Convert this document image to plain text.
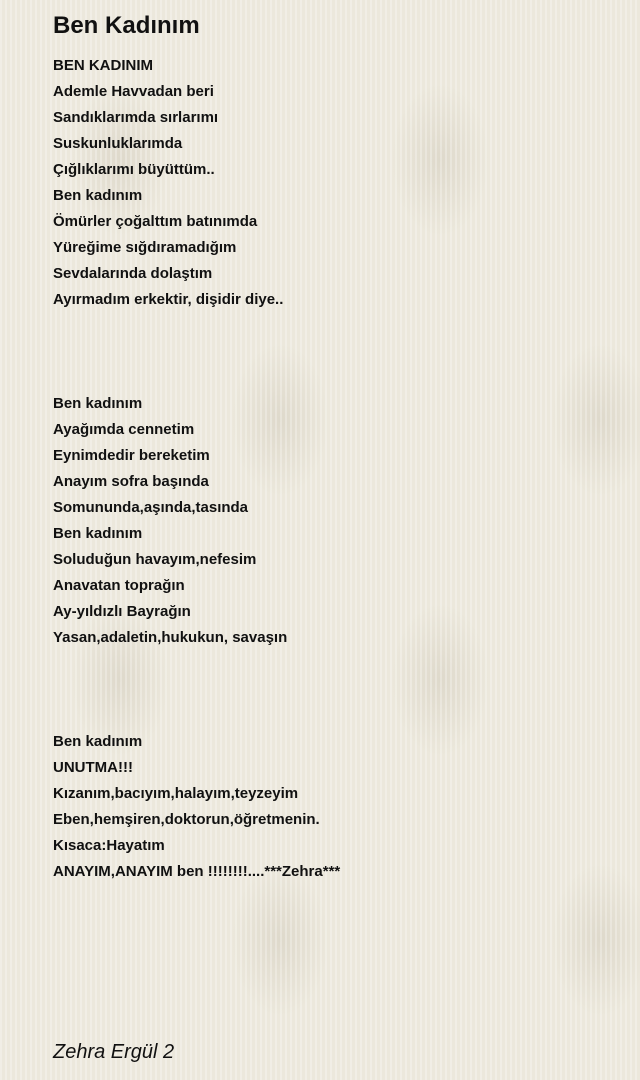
Ben Kadınım
BEN KADINIM
Ademle Havvadan beri
Sandıklarımda sırlarımı
Suskunluklarımda
Çığlıklarımı büyüttüm..
Ben kadınım
Ömürler çoğalttım batınımda
Yüreğime sığdıramadığım
Sevdalarında dolaştım
Ayırmadım erkektir, dişidir diye..
Ben kadınım
Ayağımda cennetim
Eynimdedir bereketim
Anayım sofra başında
Somununda,aşında,tasında
Ben kadınım
Soluduğun havayım,nefesim
Anavatan toprağın
Ay-yıldızlı Bayrağın
Yasan,adaletin,hukukun, savaşın
Ben kadınım
UNUTMA!!!
Kızanım,bacıyım,halayım,teyzeyim
Eben,hemşiren,doktorun,öğretmenin.
Kısaca:Hayatım
ANAYIM,ANAYIM ben !!!!!!!!....***Zehra***
Zehra Ergül 2
